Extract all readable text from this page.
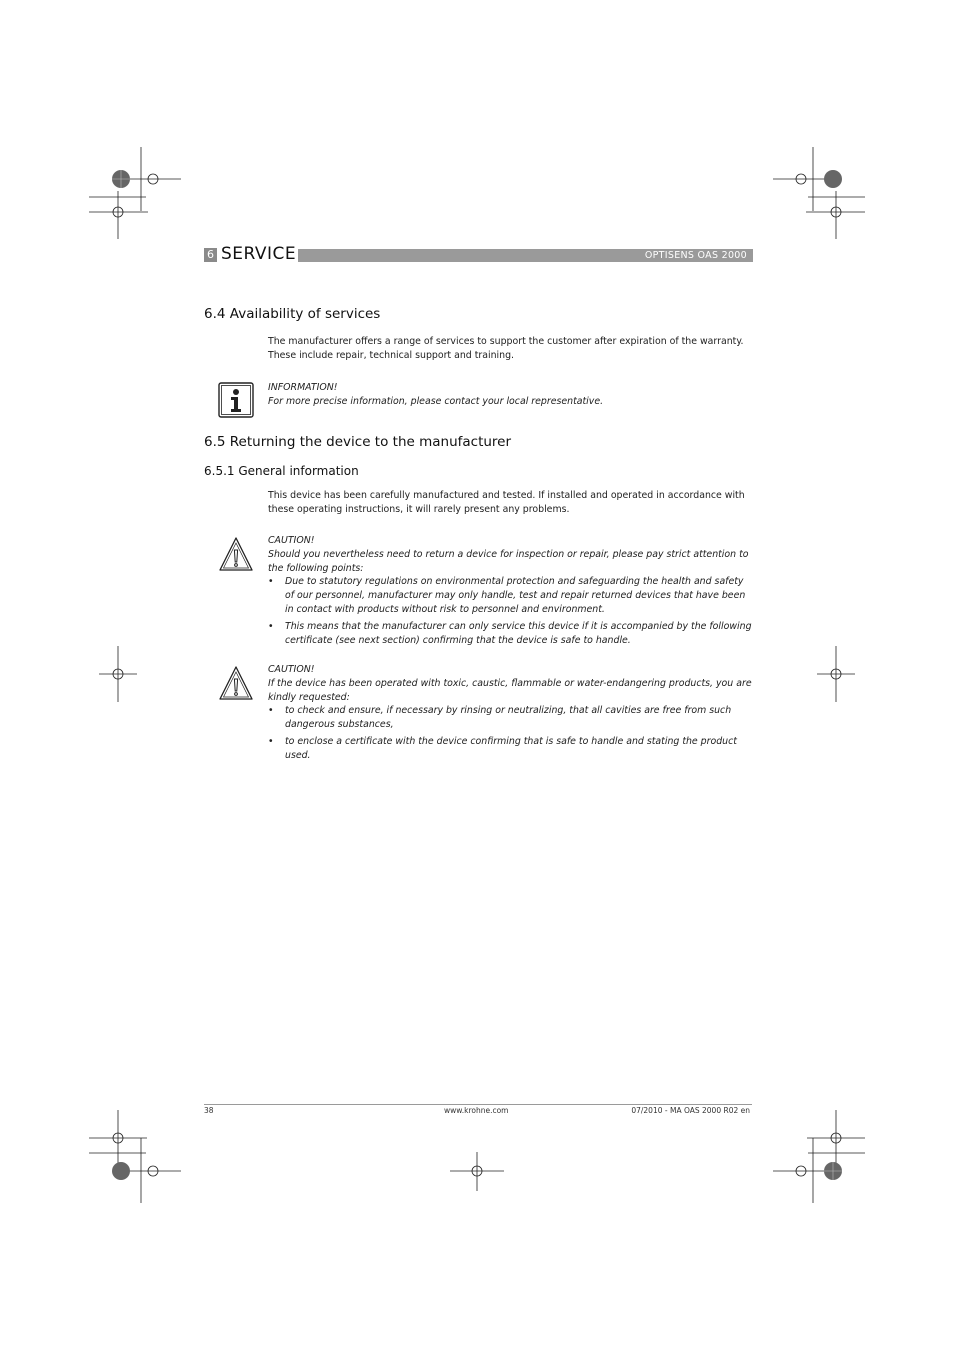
6 SERVICE	OPTISENS OAS 2000
6.4 Availability of services

The manufacturer offers a range of services to support the customer after expiration of the warranty. These include repair, technical support and training.

INFORMATION!
For more precise information, please contact your local representative.
6.5 Returning the device to the manufacturer
6.5.1 General information

This device has been carefully manufactured and tested. If installed and operated in accordance with these operating instructions, it will rarely present any problems.

CAUTION!
Should you nevertheless need to return a device for inspection or repair, please pay strict attention to the following points:
• Due to statutory regulations on environmental protection and safeguarding the health and safety of our personnel, manufacturer may only handle, test and repair returned devices that have been in contact with products without risk to personnel and environment.
• This means that the manufacturer can only service this device if it is accompanied by the following certificate (see next section) confirming that the device is safe to handle.
CAUTION!
If the device has been operated with toxic, caustic, flammable or water-endangering products, you are kindly requested:
• to check and ensure, if necessary by rinsing or neutralizing, that all cavities are free from such dangerous substances,
• to enclose a certificate with the device confirming that is safe to handle and stating the product used.
38	www.krohne.com	07/2010 - MA OAS 2000 R02 en
